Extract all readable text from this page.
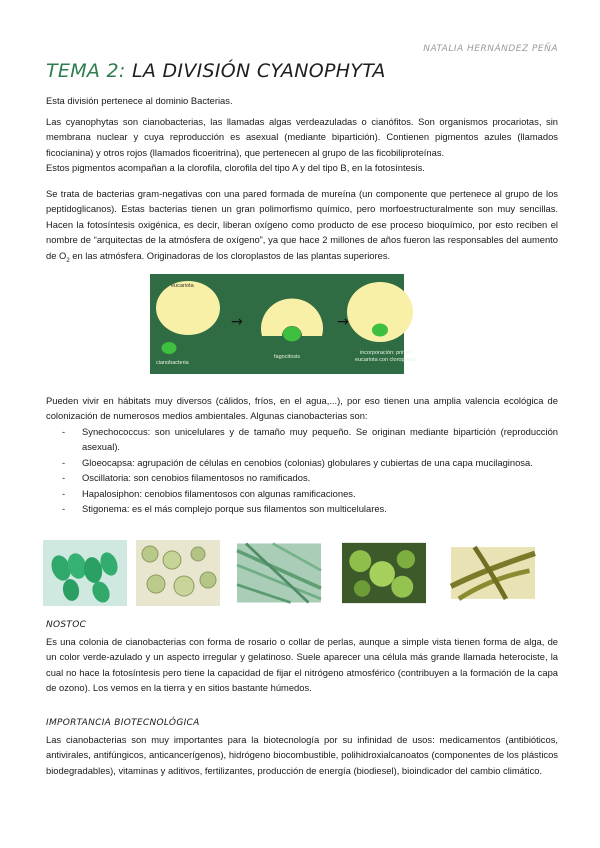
NATALIA HERNÁNDEZ PEÑA
TEMA 2: LA DIVISIÓN CYANOPHYTA

Esta división pertenece al dominio Bacterias.

Las cyanophytas son cianobacterias, las llamadas algas verdeazuladas o cianófitos. Son organismos procariotas, sin membrana nuclear y cuya reproducción es asexual (mediante bipartición). Contienen pigmentos azules (llamados ficocianina) y otros rojos (llamados ficoeritrina), que pertenecen al grupo de las ficobiliproteínas.

Estos pigmentos acompañan a la clorofila, clorofila del tipo A y del tipo B, en la fotosíntesis.

Se trata de bacterias gram-negativas con una pared formada de mureína (un componente que pertenece al grupo de los peptidoglicanos). Estas bacterias tienen un gran polimorfismo químico, pero morfoestructuralmente son muy sencillas. Hacen la fotosíntesis oxigénica, es decir, liberan oxígeno como producto de ese proceso bioquímico, por esto reciben el nombre de “arquitectas de la atmósfera de oxígeno”, ya que hace 2 millones de años fueron las responsables del aumento de $O_2$ en las atmósfera. Originadoras de los cloroplastos de las plantas superiores.

eucariota
cianobacteria
→
fagocitosis
→
incorporación: primer
eucariota con cloroplasto

Pueden vivir en hábitats muy diversos (cálidos, fríos, en el agua,...), por eso tienen una amplia valencia ecológica de colonización de numerosos medios ambientales. Algunas cianobacterias son:

- Synechococcus: son unicelulares y de tamaño muy pequeño. Se originan mediante bipartición (reproducción asexual).
- Gloeocapsa: agrupación de células en cenobios (colonias) globulares y cubiertas de una capa mucilaginosa.
- Oscillatoria: son cenobios filamentosos no ramificados.
- Hapalosiphon: cenobios filamentosos con algunas ramificaciones.
- Stigonema: es el más complejo porque sus filamentos son multicelulares.
NOSTOC

Es una colonia de cianobacterias con forma de rosario o collar de perlas, aunque a simple vista tienen forma de alga, de un color verde-azulado y un aspecto irregular y gelatinoso. Suele aparecer una célula más grande llamada heterociste, la cual no hace la fotosíntesis pero tiene la capacidad de fijar el nitrógeno atmosférico (contribuyen a la formación de la capa de ozono). Los vemos en la tierra y en sitios bastante húmedos.

IMPORTANCIA BIOTECNOLÓGICA

Las cianobacterias son muy importantes para la biotecnología por su infinidad de usos: medicamentos (antibióticos, antivirales, antifúngicos, anticancerígenos), hidrógeno biocombustible, polihidroxialcanoatos (componentes de los plásticos biodegradables), vitaminas y aditivos, fertilizantes, producción de energía (biodiesel), bioindicador del cambio climático.
